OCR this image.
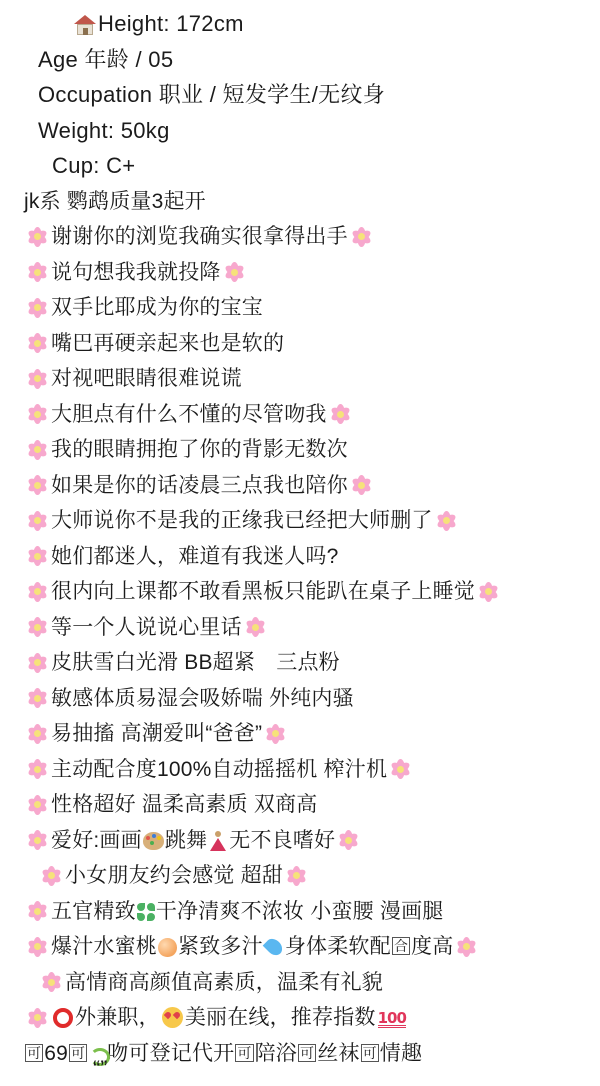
Height: 172cm
Age 年龄 / 05
Occupation 职业 / 短发学生/无纹身
Weight: 50kg
Cup: C+
jk系 鹦鹉质量3起开
谢谢你的浏览我确实很拿得出手
说句想我我就投降
双手比耶成为你的宝宝
嘴巴再硬亲起来也是软的
对视吧眼睛很难说谎
大胆点有什么不懂的尽管吻我
我的眼睛拥抱了你的背影无数次
如果是你的话凌晨三点我也陪你
大师说你不是我的正缘我已经把大师删了
她们都迷人，难道有我迷人吗?
很内向上课都不敢看黑板只能趴在桌子上睡觉
等一个人说说心里话
皮肤雪白光滑 BB超紧　三点粉
敏感体质易湿会吸娇喘 外纯内骚
易抽搐 高潮爱叫“爸爸”
主动配合度100%自动摇摇机 榨汁机
性格超好 温柔高素质 双商高
爱好:画画 跳舞 无不良嗜好
小女朋友约会感觉 超甜
五官精致 干净清爽不浓妆 小蛮腰 漫画腿
爆汁水蜜桃 紧致多汁 身体柔软配 合 度高
高情商高颜值高素质，温柔有礼貌
外兼职， 美丽在线，推荐指数 100
可 69 可 吻可登记代开 可 陪浴 可 丝袜 可 情趣
